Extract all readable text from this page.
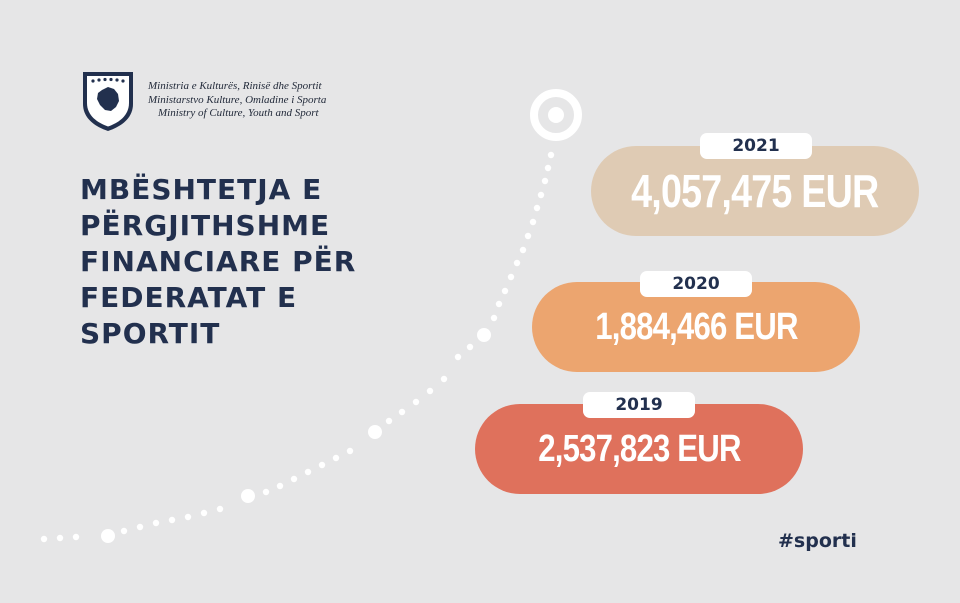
Ministria e Kulturës, Rinisë dhe Sportit
Ministarstvo Kulture, Omladine i Sporta
Ministry of Culture, Youth and Sport
MBËSHTETJA E
PËRGJITHSHME
FINANCIARE PËR
FEDERATAT E
SPORTIT
4,057,475 EUR
2021
1,884,466 EUR
2020
2,537,823 EUR
2019
#sporti
